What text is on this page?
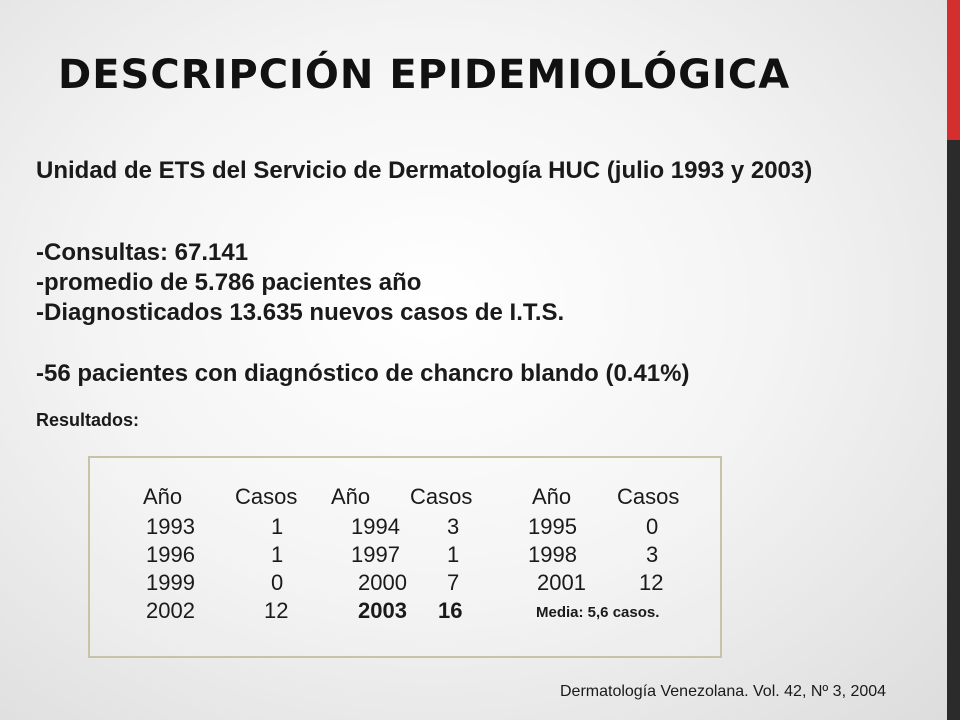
DESCRIPCIÓN EPIDEMIOLÓGICA
Unidad de ETS del Servicio de Dermatología HUC (julio 1993 y 2003)
-Consultas: 67.141
-promedio de 5.786 pacientes año
-Diagnosticados 13.635 nuevos casos de I.T.S.
-56 pacientes con diagnóstico de chancro blando (0.41%)
Resultados:
Año Casos Año Casos	Año Casos
1993	1	1994 3	1995	0
1996	1	1997 1	1998	3
1999	0	2000 7	2001 12
2002	12	2003 16	Media: 5,6 casos.
Dermatología Venezolana. Vol. 42, Nº 3, 2004
